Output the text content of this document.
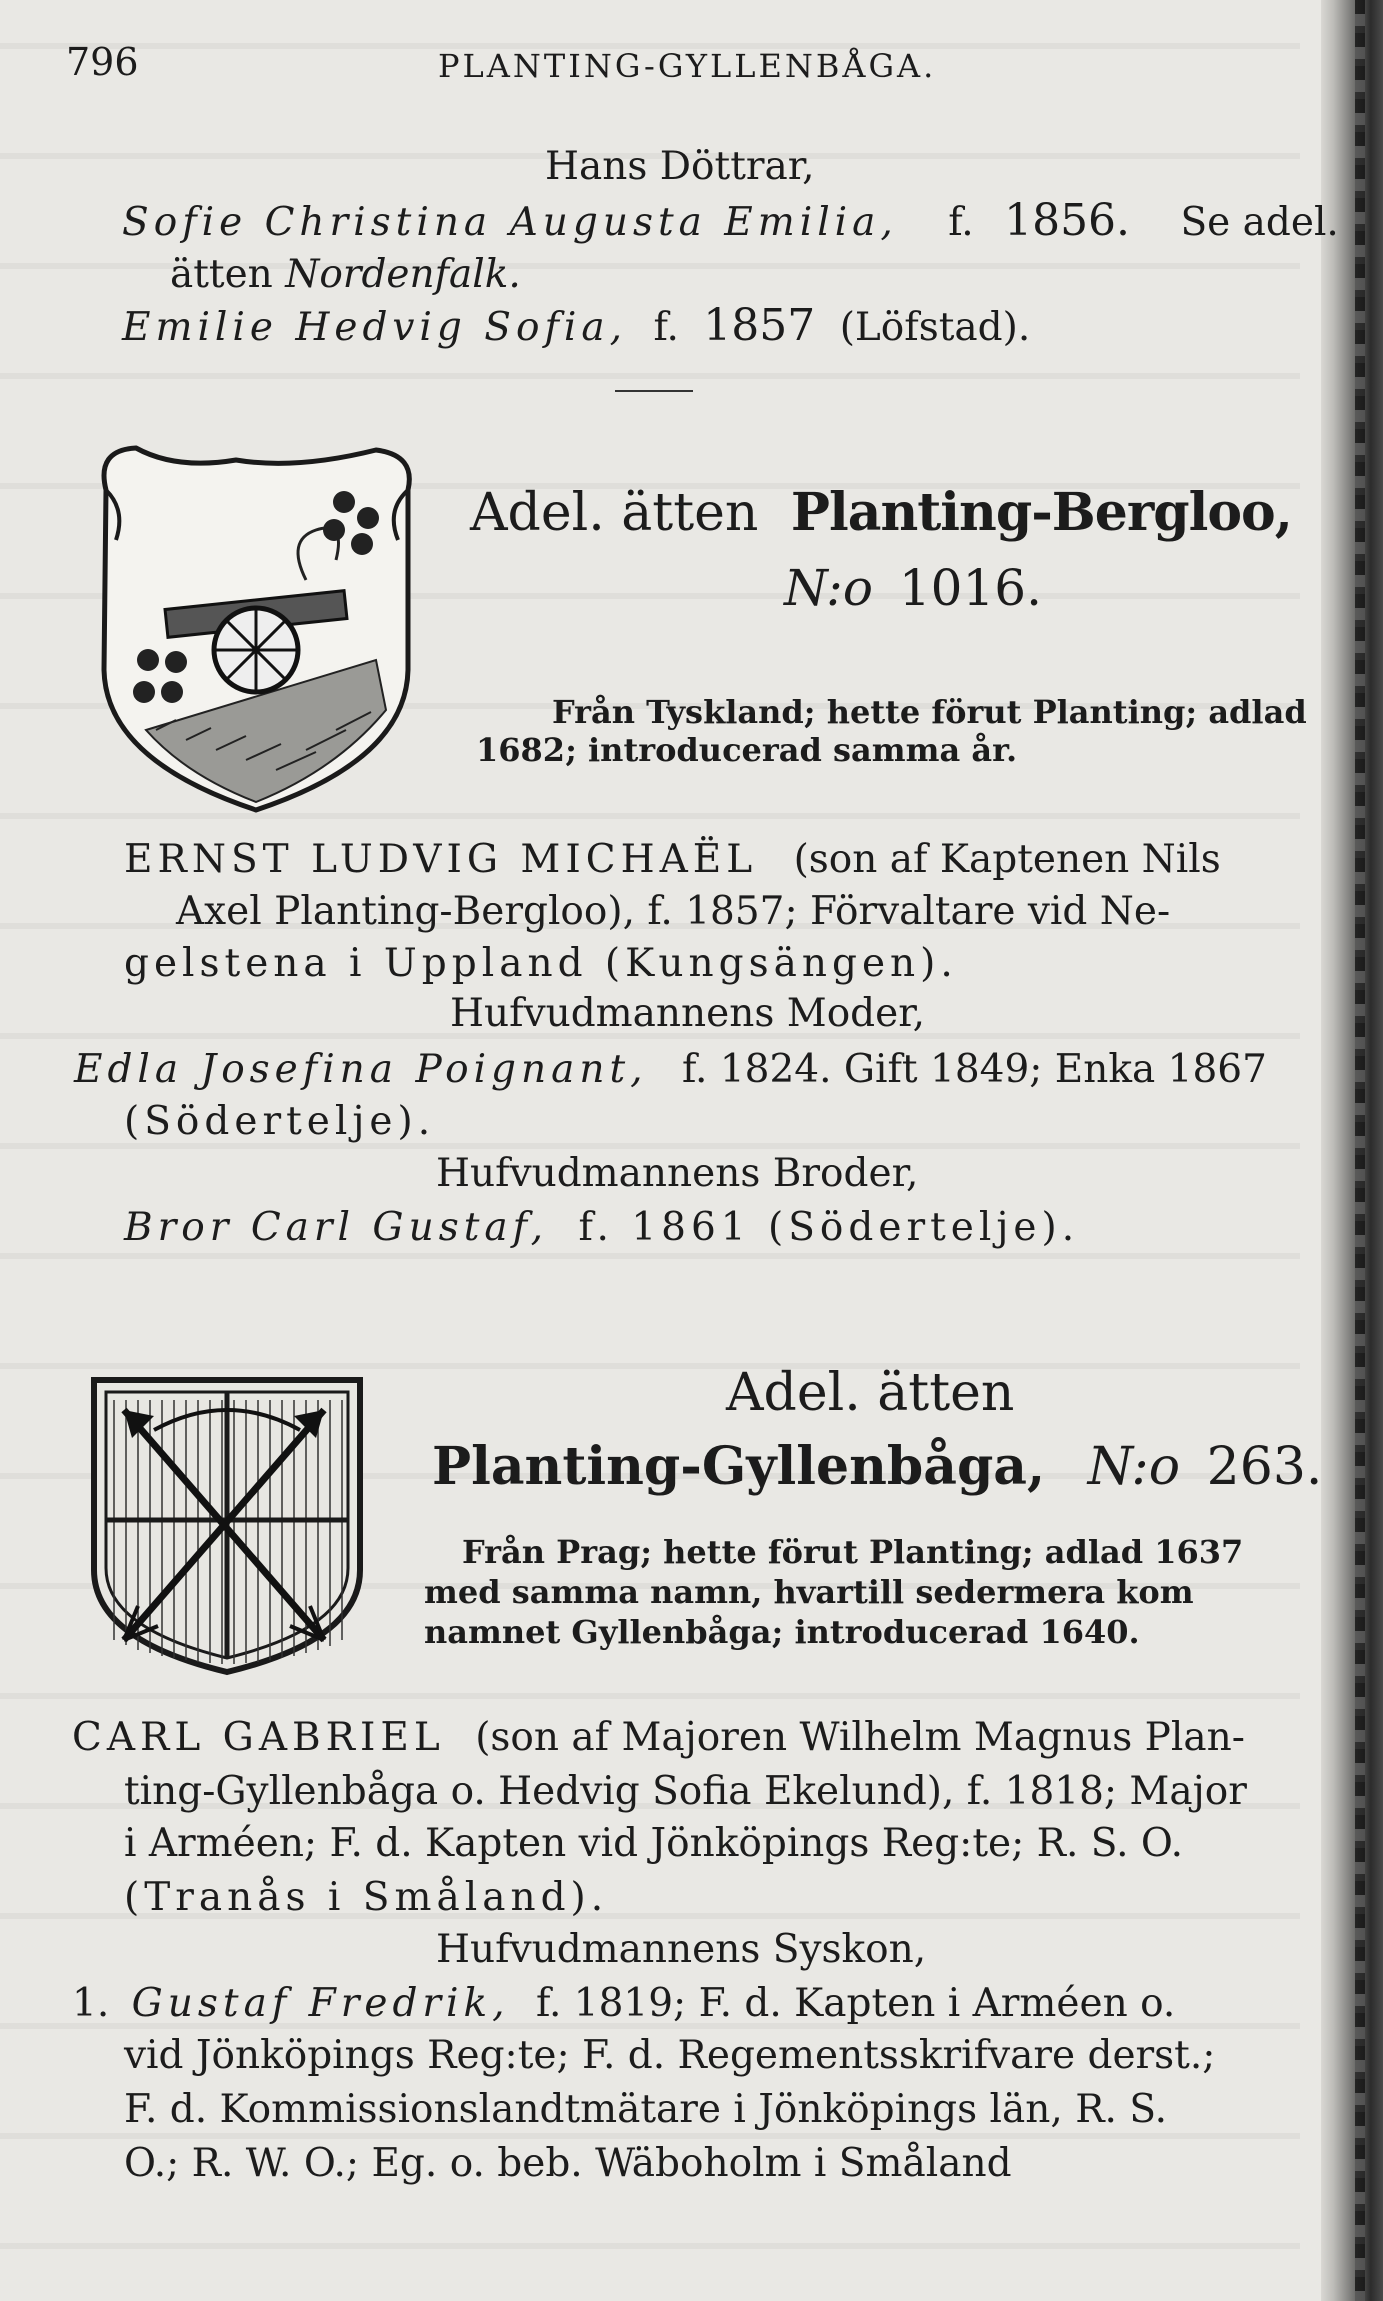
796	PLANTING-GYLLENBÅGA.
Hans Döttrar,
Sofie Christina Augusta Emilia, f. 1856. Se adel.
ätten Nordenfalk.
Emilie Hedvig Sofia, f. 1857 (Löfstad).
Adel. ätten Planting-Bergloo,
N:o 1016.
Från Tyskland; hette förut Planting; adlad
1682; introducerad samma år.
ERNST LUDVIG MICHAËL (son af Kaptenen Nils
Axel Planting-Bergloo), f. 1857; Förvaltare vid Ne-
gelstena i Uppland (Kungsängen).
Hufvudmannens Moder,
Edla Josefina Poignant, f. 1824. Gift 1849; Enka 1867
(Södertelje).
Hufvudmannens Broder,
Bror Carl Gustaf, f. 1861 (Södertelje).
Adel. ätten
Planting-Gyllenbåga, N:o 263.
Från Prag; hette förut Planting; adlad 1637
med samma namn, hvartill sedermera kom
namnet Gyllenbåga; introducerad 1640.
CARL GABRIEL (son af Majoren Wilhelm Magnus Plan-
ting-Gyllenbåga o. Hedvig Sofia Ekelund), f. 1818; Major
i Arméen; F. d. Kapten vid Jönköpings Reg:te; R. S. O.
(Tranås i Småland).
Hufvudmannens Syskon,
1. Gustaf Fredrik, f. 1819; F. d. Kapten i Arméen o.
vid Jönköpings Reg:te; F. d. Regementsskrifvare derst.;
F. d. Kommissionslandtmätare i Jönköpings län, R. S.
O.; R. W. O.; Eg. o. beb. Wäboholm i Småland
